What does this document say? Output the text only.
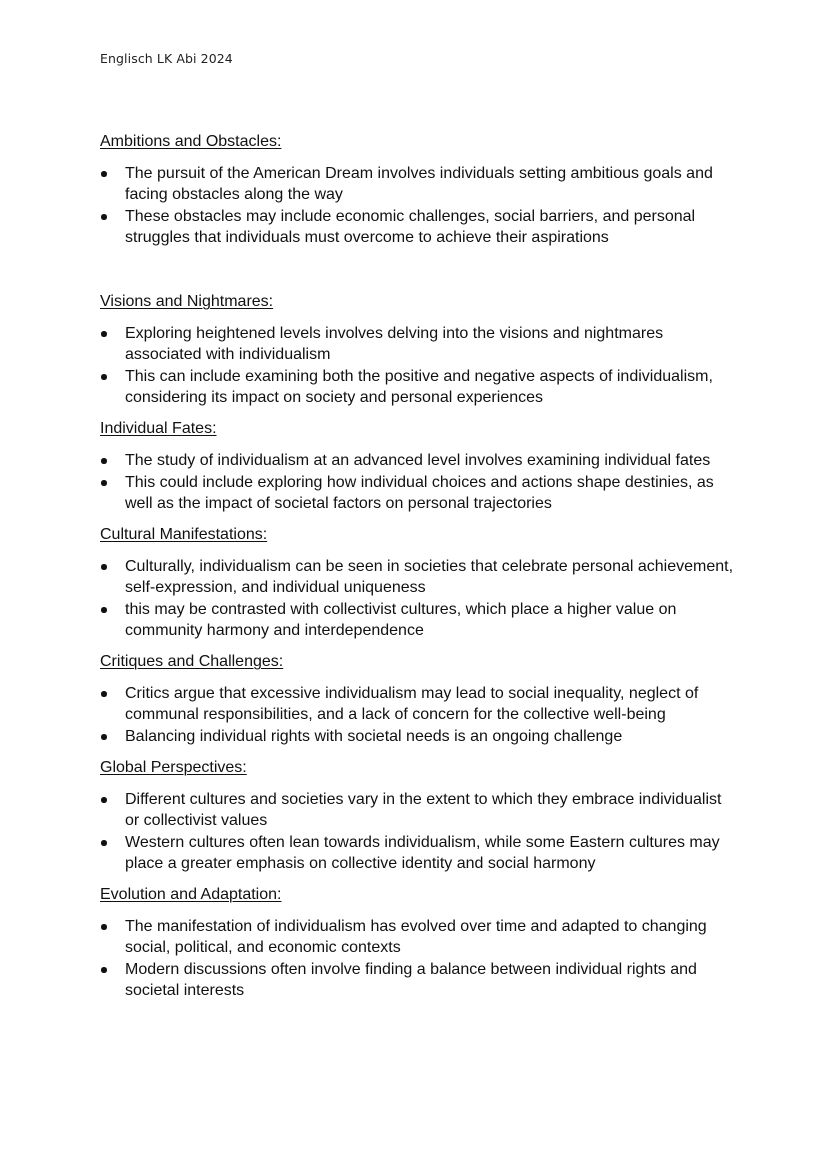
Englisch LK Abi 2024
Ambitions and Obstacles:
The pursuit of the American Dream involves individuals setting ambitious goals and facing obstacles along the way
These obstacles may include economic challenges, social barriers, and personal struggles that individuals must overcome to achieve their aspirations
Visions and Nightmares:
Exploring heightened levels involves delving into the visions and nightmares associated with individualism
This can include examining both the positive and negative aspects of individualism, considering its impact on society and personal experiences
Individual Fates:
The study of individualism at an advanced level involves examining individual fates
This could include exploring how individual choices and actions shape destinies, as well as the impact of societal factors on personal trajectories
Cultural Manifestations:
Culturally, individualism can be seen in societies that celebrate personal achievement, self-expression, and individual uniqueness
this may be contrasted with collectivist cultures, which place a higher value on community harmony and interdependence
Critiques and Challenges:
Critics argue that excessive individualism may lead to social inequality, neglect of communal responsibilities, and a lack of concern for the collective well-being
Balancing individual rights with societal needs is an ongoing challenge
Global Perspectives:
Different cultures and societies vary in the extent to which they embrace individualist or collectivist values
Western cultures often lean towards individualism, while some Eastern cultures may place a greater emphasis on collective identity and social harmony
Evolution and Adaptation:
The manifestation of individualism has evolved over time and adapted to changing social, political, and economic contexts
Modern discussions often involve finding a balance between individual rights and societal interests
